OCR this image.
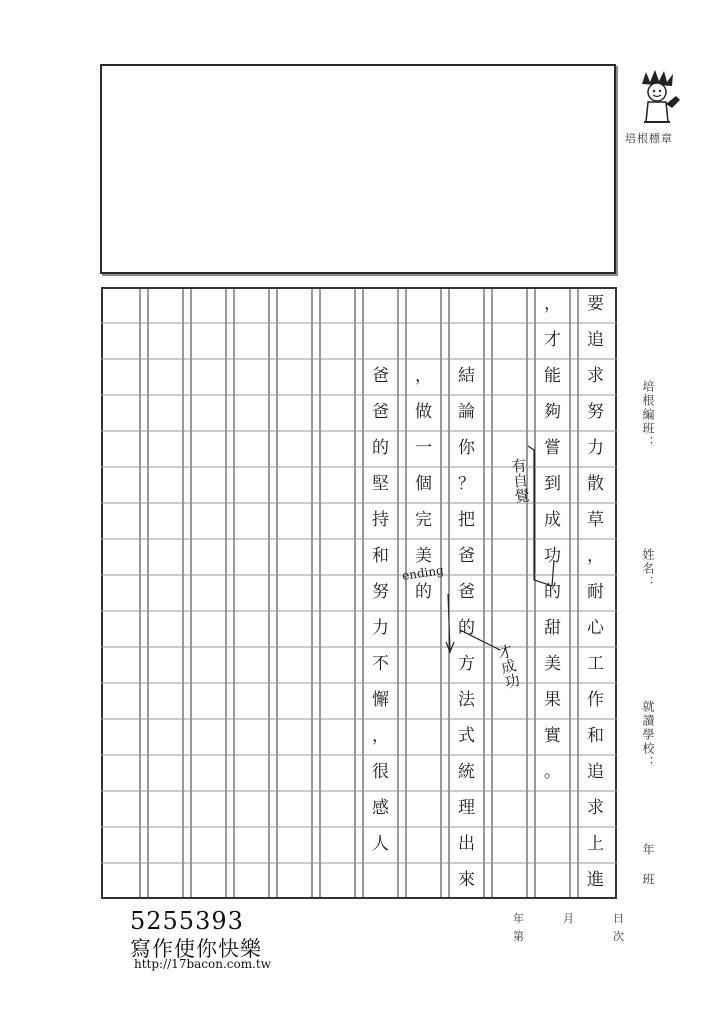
培根標章
要
追
求
努
力
散
草
，
耐
心
工
作
和
追
求
上
進
，
才
能
夠
嘗
到
成
功
的
甜
美
果
實
。
結
論
你
？
把
爸
爸
的
方
法
式
統
理
出
來
，
做
一
個
完
美
的
爸
爸
的
堅
持
和
努
力
不
懈
，
很
感
人
ending
有自覺
才成功
培根編班：
姓名：
就讀學校：
年
班
年	月	日
第	次
5255393
寫作使你快樂
http://17bacon.com.tw
